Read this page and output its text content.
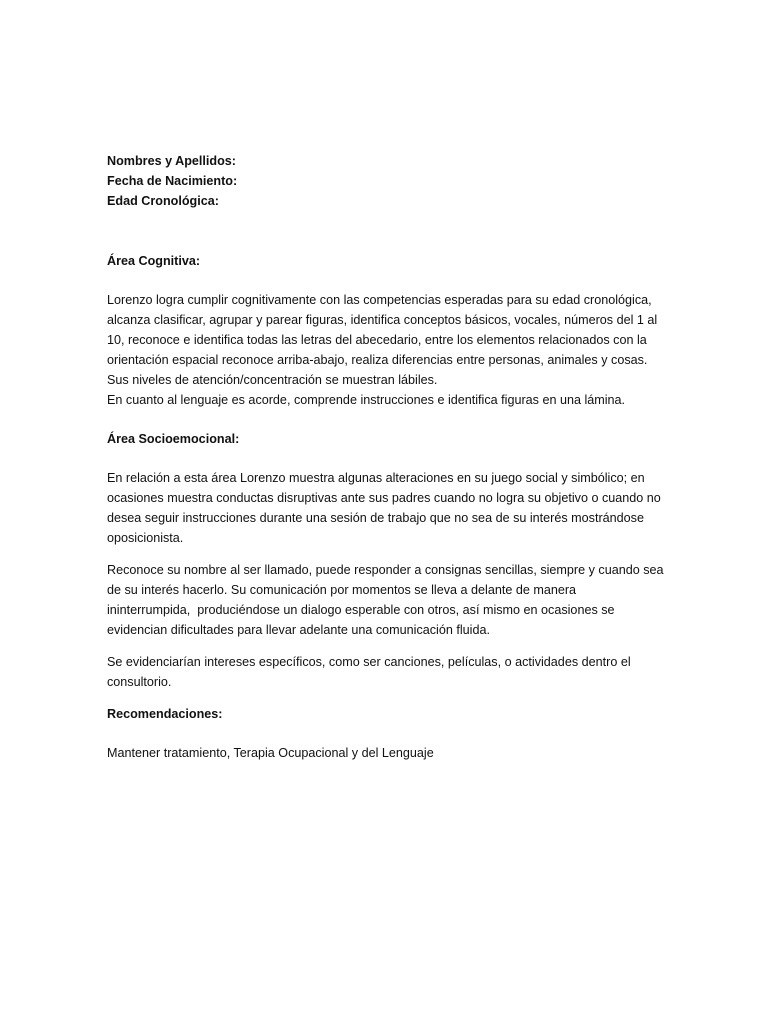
Nombres y Apellidos:
Fecha de Nacimiento:
Edad Cronológica:
Área Cognitiva:

Lorenzo logra cumplir cognitivamente con las competencias esperadas para su edad cronológica,
alcanza clasificar, agrupar y parear figuras, identifica conceptos básicos, vocales, números del 1 al
10, reconoce e identifica todas las letras del abecedario, entre los elementos relacionados con la
orientación espacial reconoce arriba-abajo, realiza diferencias entre personas, animales y cosas.
Sus niveles de atención/concentración se muestran lábiles.
En cuanto al lenguaje es acorde, comprende instrucciones e identifica figuras en una lámina.

Área Socioemocional:

En relación a esta área Lorenzo muestra algunas alteraciones en su juego social y simbólico; en
ocasiones muestra conductas disruptivas ante sus padres cuando no logra su objetivo o cuando no
desea seguir instrucciones durante una sesión de trabajo que no sea de su interés mostrándose
oposicionista.

Reconoce su nombre al ser llamado, puede responder a consignas sencillas, siempre y cuando sea
de su interés hacerlo. Su comunicación por momentos se lleva a delante de manera
ininterrumpida,  produciéndose un dialogo esperable con otros, así mismo en ocasiones se
evidencian dificultades para llevar adelante una comunicación fluida.

Se evidenciarían intereses específicos, como ser canciones, películas, o actividades dentro el
consultorio.

Recomendaciones:
Mantener tratamiento, Terapia Ocupacional y del Lenguaje
